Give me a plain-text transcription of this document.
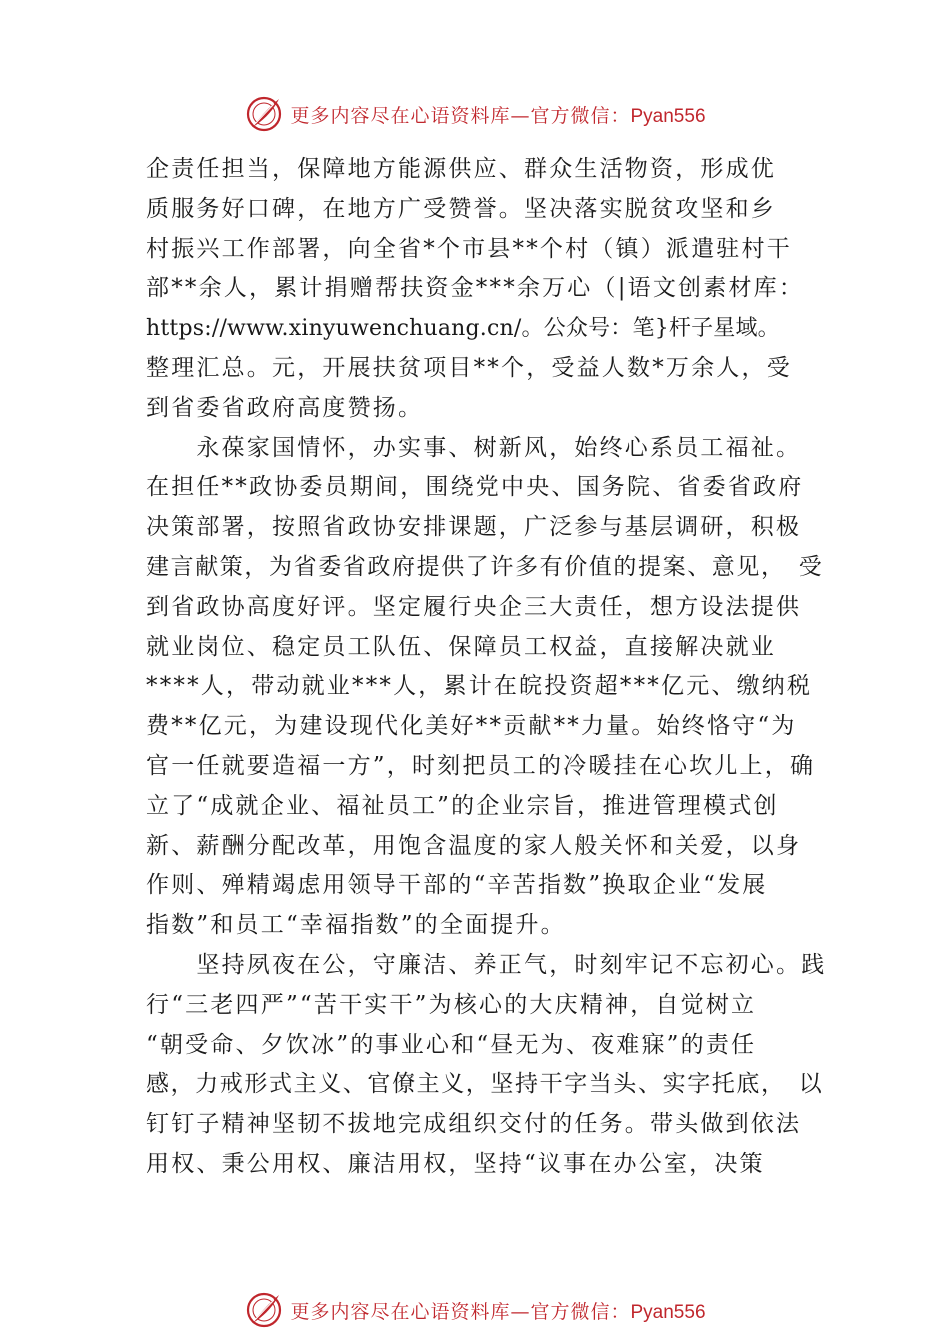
更多内容尽在心语资料库—官方微信：Pyan556
企责任担当，保障地方能源供应、群众生活物资，形成优
质服务好口碑，在地方广受赞誉。坚决落实脱贫攻坚和乡
村振兴工作部署，向全省*个市县**个村（镇）派遣驻村干
部**余人，累计捐赠帮扶资金***余万心（|语文创素材库：
https://www.xinyuwenchuang.cn/。公众号：笔}杆子星域。
整理汇总。元，开展扶贫项目**个，受益人数*万余人，受
到省委省政府高度赞扬。
　　永葆家国情怀，办实事、树新风，始终心系员工福祉。
在担任**政协委员期间，围绕党中央、国务院、省委省政府
决策部署，按照省政协安排课题，广泛参与基层调研，积极
建言献策，为省委省政府提供了许多有价值的提案、意见，　受
到省政协高度好评。坚定履行央企三大责任，想方设法提供
就业岗位、稳定员工队伍、保障员工权益，直接解决就业
****人，带动就业***人，累计在皖投资超***亿元、缴纳税
费**亿元，为建设现代化美好**贡献**力量。始终恪守“为
官一任就要造福一方”，时刻把员工的冷暖挂在心坎儿上，确
立了“成就企业、福祉员工”的企业宗旨，推进管理模式创
新、薪酬分配改革，用饱含温度的家人般关怀和关爱，以身
作则、殚精竭虑用领导干部的“辛苦指数”换取企业“发展
指数”和员工“幸福指数”的全面提升。
　　坚持夙夜在公，守廉洁、养正气，时刻牢记不忘初心。践
行“三老四严”“苦干实干”为核心的大庆精神，自觉树立
“朝受命、夕饮冰”的事业心和“昼无为、夜难寐”的责任
感，力戒形式主义、官僚主义，坚持干字当头、实字托底，　以
钉钉子精神坚韧不拔地完成组织交付的任务。带头做到依法
用权、秉公用权、廉洁用权，坚持“议事在办公室，决策
更多内容尽在心语资料库—官方微信：Pyan556
